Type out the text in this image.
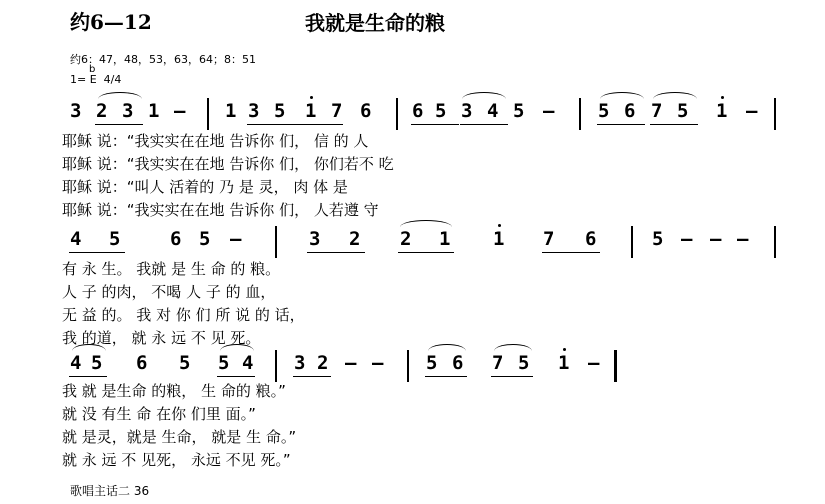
约6—12	我就是生命的粮
约6：47，48，53，63，64；8：51
1= E  4/4
b
3 2 3 1 – 1 3 5 1 7 6 6 5 3 4 5 – 5 6 7 5 1 –
耶稣 说：“我实实在在地 告诉你 们， 信 的 人
耶稣 说：“我实实在在地 告诉你 们， 你们若不 吃
耶稣 说：“叫人 活着的 乃 是 灵， 肉 体 是
耶稣 说：“我实实在在地 告诉你 们， 人若遵 守
4 5	6 5 –	3 2 2 1 1 7 6	5 – – –
有 永 生。 我就 是 生 命 的 粮。
人 子 的肉， 不喝 人 子 的 血，
无 益 的。 我 对 你 们 所 说 的 话，
我 的道， 就 永 远 不 见 死。
4 5 6 5 5 4 3 2 – – 5 6 7 5 1 –
我 就 是生命 的粮， 生 命的 粮。”
就 没 有生 命 在你 们里 面。”
就 是灵，就是 生命， 就是 生 命。”
就 永 远 不 见死， 永远 不见 死。”
歌唱主话二 36
